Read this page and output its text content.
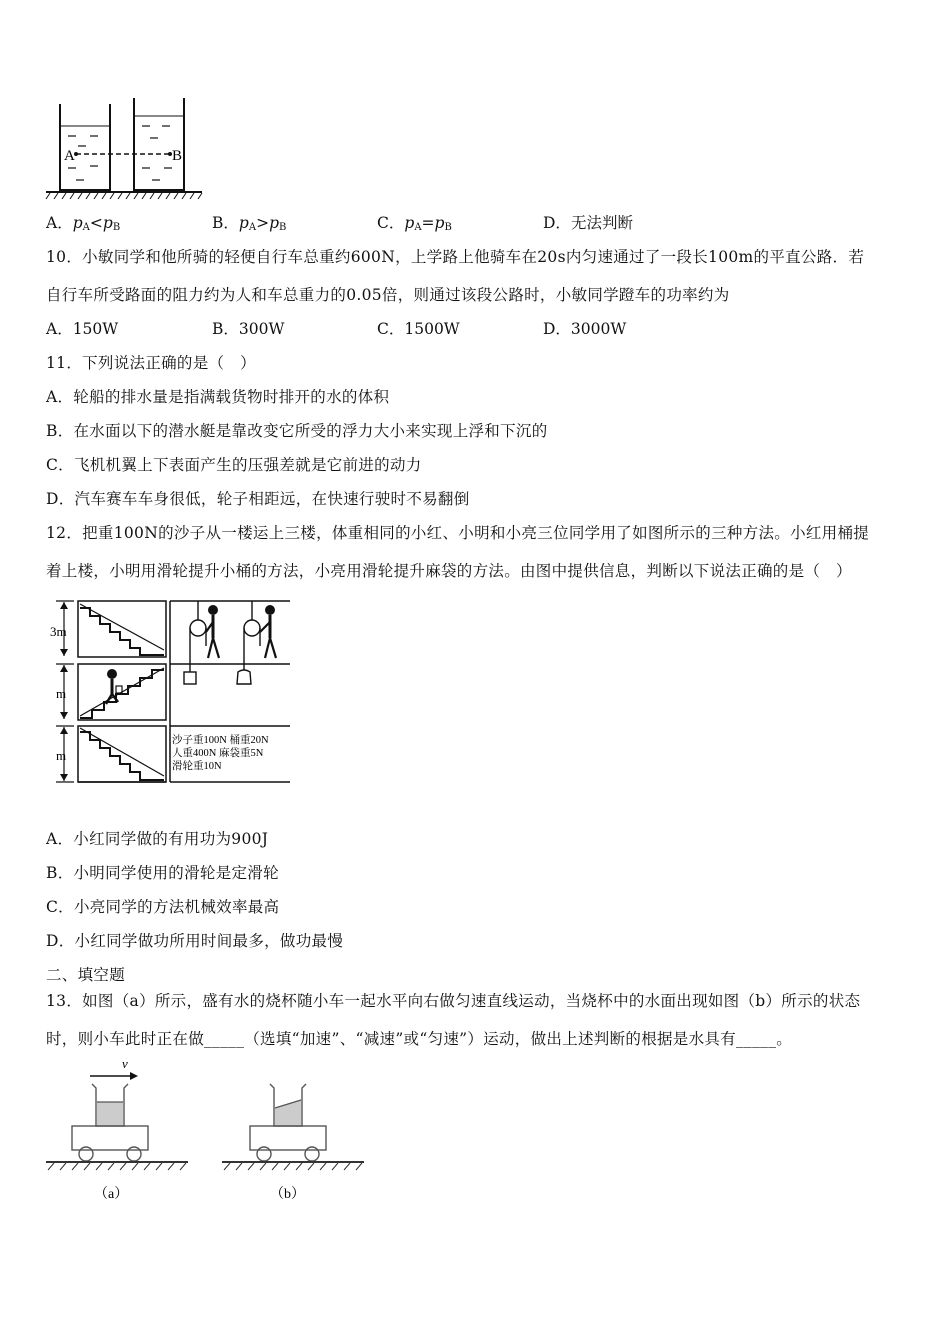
A	B
A．$p_A<p_B$	B．$p_A>p_B$	C．$p_A=p_B$	D．无法判断
10．小敏同学和他所骑的轻便自行车总重约600N，上学路上他骑车在20s内匀速通过了一段长100m的平直公路．若
自行车所受路面的阻力约为人和车总重力的0.05倍，则通过该段公路时，小敏同学蹬车的功率约为
A．150W	B．300W	C．1500W	D．3000W
11．下列说法正确的是（　）
A．轮船的排水量是指满载货物时排开的水的体积
B．在水面以下的潜水艇是靠改变它所受的浮力大小来实现上浮和下沉的
C．飞机机翼上下表面产生的压强差就是它前进的动力
D．汽车赛车车身很低，轮子相距远，在快速行驶时不易翻倒
12．把重100N的沙子从一楼运上三楼，体重相同的小红、小明和小亮三位同学用了如图所示的三种方法。小红用桶提
着上楼，小明用滑轮提升小桶的方法，小亮用滑轮提升麻袋的方法。由图中提供信息，判断以下说法正确的是（　）
3m
m
m
沙子重100N 桶重20N
人重400N 麻袋重5N
滑轮重10N
A．小红同学做的有用功为900J
B．小明同学使用的滑轮是定滑轮
C．小亮同学的方法机械效率最高
D．小红同学做功所用时间最多，做功最慢
二、填空题
13．如图（a）所示，盛有水的烧杯随小车一起水平向右做匀速直线运动，当烧杯中的水面出现如图（b）所示的状态
时，则小车此时正在做_____（选填“加速”、“减速”或“匀速”）运动，做出上述判断的根据是水具有_____。
v
（a）	（b）
